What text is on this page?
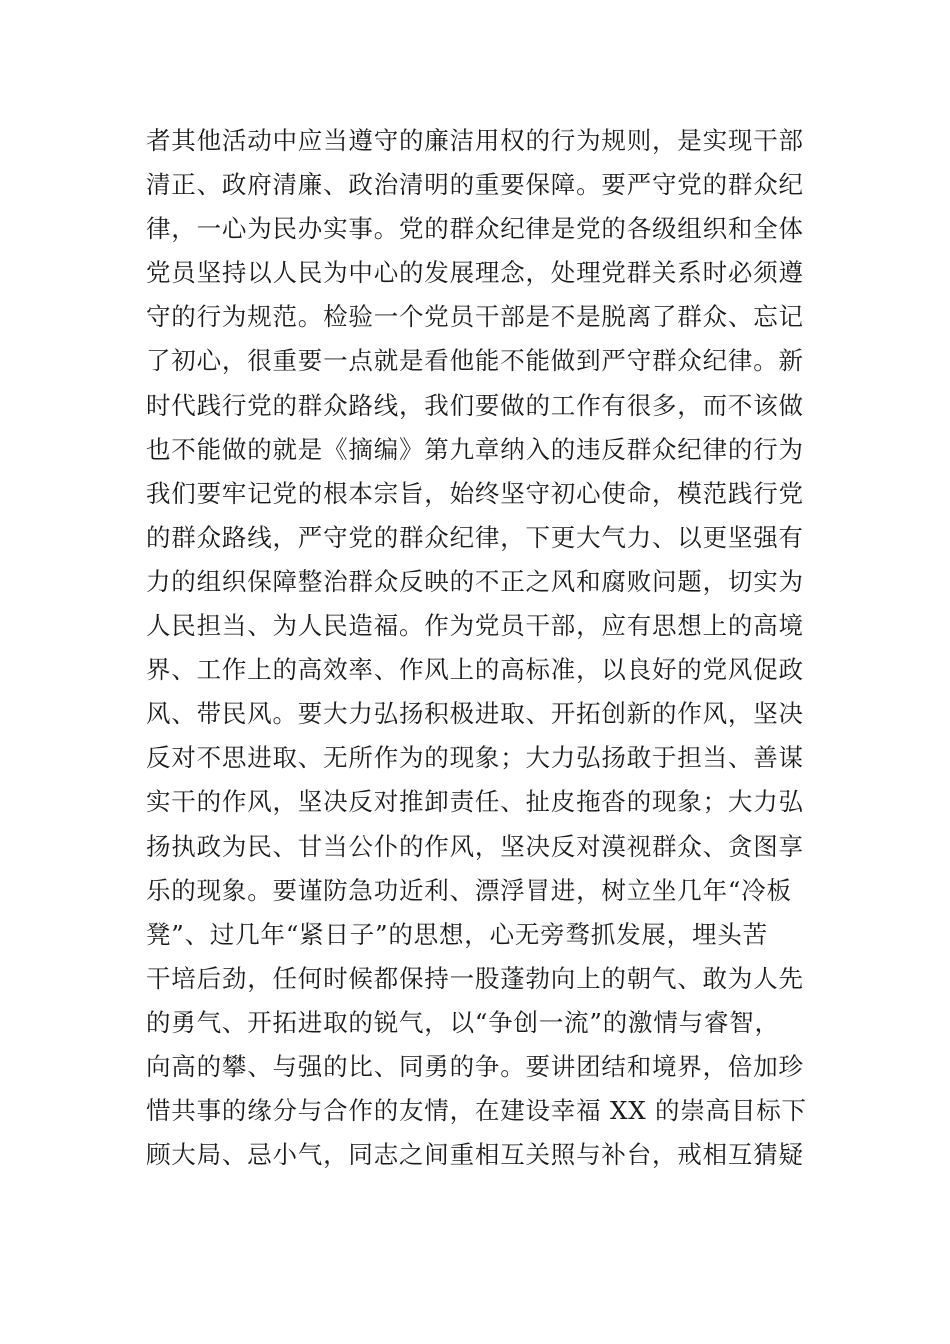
者其他活动中应当遵守的廉洁用权的行为规则，是实现干部
清正、政府清廉、政治清明的重要保障。要严守党的群众纪
律，一心为民办实事。党的群众纪律是党的各级组织和全体
党员坚持以人民为中心的发展理念，处理党群关系时必须遵
守的行为规范。检验一个党员干部是不是脱离了群众、忘记
了初心，很重要一点就是看他能不能做到严守群众纪律。新
时代践行党的群众路线，我们要做的工作有很多，而不该做
也不能做的就是《摘编》第九章纳入的违反群众纪律的行为
我们要牢记党的根本宗旨，始终坚守初心使命，模范践行党
的群众路线，严守党的群众纪律，下更大气力、以更坚强有
力的组织保障整治群众反映的不正之风和腐败问题，切实为
人民担当、为人民造福。作为党员干部，应有思想上的高境
界、工作上的高效率、作风上的高标准，以良好的党风促政
风、带民风。要大力弘扬积极进取、开拓创新的作风，坚决
反对不思进取、无所作为的现象；大力弘扬敢于担当、善谋
实干的作风，坚决反对推卸责任、扯皮拖沓的现象；大力弘
扬执政为民、甘当公仆的作风，坚决反对漠视群众、贪图享
乐的现象。要谨防急功近利、漂浮冒进，树立坐几年“冷板
凳”、过几年“紧日子”的思想，心无旁骛抓发展，埋头苦
干培后劲，任何时候都保持一股蓬勃向上的朝气、敢为人先
的勇气、开拓进取的锐气，以“争创一流”的激情与睿智，
向高的攀、与强的比、同勇的争。要讲团结和境界，倍加珍
惜共事的缘分与合作的友情，在建设幸福 XX 的崇高目标下
顾大局、忌小气，同志之间重相互关照与补台，戒相互猜疑
